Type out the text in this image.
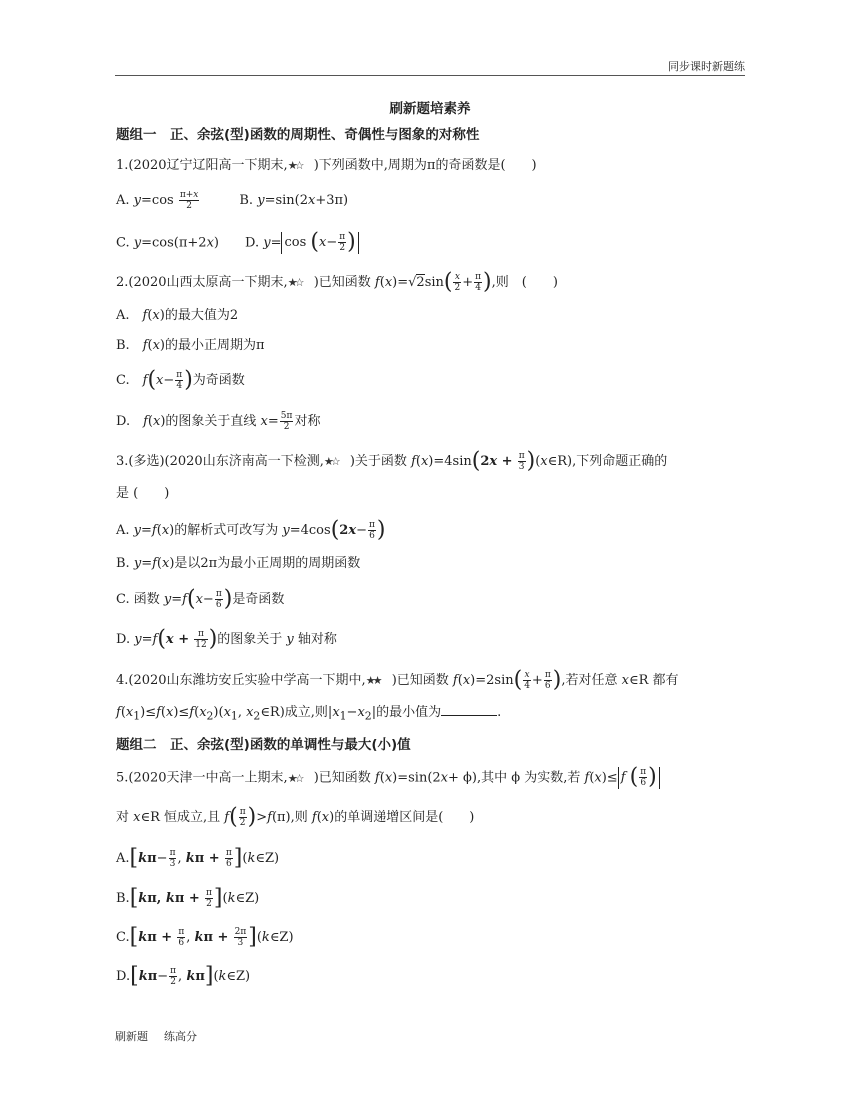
同步课时新题练
刷新题培素养
题组一　正、余弦(型)函数的周期性、奇偶性与图象的对称性
1.(2020辽宁辽阳高一下期末,★☆ )下列函数中,周期为π的奇函数是(　　)
A. $y=\cos \frac{\pi+x}{2}$ 　　　B. y=sin(2x+3π)
C. y=cos(π+2x)　　D. $y= \cos (x- \frac{\pi}{2}$ )
2.(2020山西太原高一下期末,★☆ )已知函数 $f(x)=√2\sin( \frac{x}{2} + \frac{\pi}{4}$ ),则　(　　)
A.　f(x)的最大值为2
B.　f(x)的最小正周期为π
C.　$f(x- \frac{\pi}{4}$ )为奇函数
D.　f(x)的图象关于直线 $x= \frac{5\pi}{2}$ 对称
3.(多选)(2020山东济南高一下检测,★☆ )关于函数 $f(x)=4\sin(2x + \frac{\pi}{3}$ )(x∈R),下列命题正确的
是 (　　)
A. y=f(x)的解析式可改写为 $y=4\cos(2x- \frac{\pi}{6}$ )
B. y=f(x)是以2π为最小正周期的周期函数
C. 函数 $y=f(x- \frac{\pi}{6}$ )是奇函数
D. $y=f(x + \frac{\pi}{12}$ )的图象关于 y 轴对称
4.(2020山东潍坊安丘实验中学高一下期中,★★ )已知函数 $f(x)=2\sin( \frac{x}{4} + \frac{\pi}{6}$ ),若对任意 x∈R 都有
$f(x_1)\le f(x)\le f(x_2)(x_1$, $x_2\in R$)成立,则$|x_1-x_2|$的最小值为	.
题组二　正、余弦(型)函数的单调性与最大(小)值
5.(2020天津一中高一上期末,★☆ )已知函数 f(x)=sin(2x+ ϕ),其中 ϕ 为实数,若 f(x)≤ f ( $\frac{\pi}{6}$ )
对 x∈R 恒成立,且 $f( \frac{\pi}{2} )>f(\pi)$,则 f(x)的单调递增区间是(　　)
$A.[k\pi- \frac{\pi}{3}$ , $k\pi + \frac{\pi}{6}$ ](k∈Z)
B.[kπ, $k\pi + \frac{\pi}{2}$ ](k∈Z)
$C.[k\pi + \frac{\pi}{6}$ , $k\pi + \frac{2\pi}{3}$ ](k∈Z)
$D.[k\pi- \frac{\pi}{2}$ , kπ](k∈Z)
刷新题 练高分
